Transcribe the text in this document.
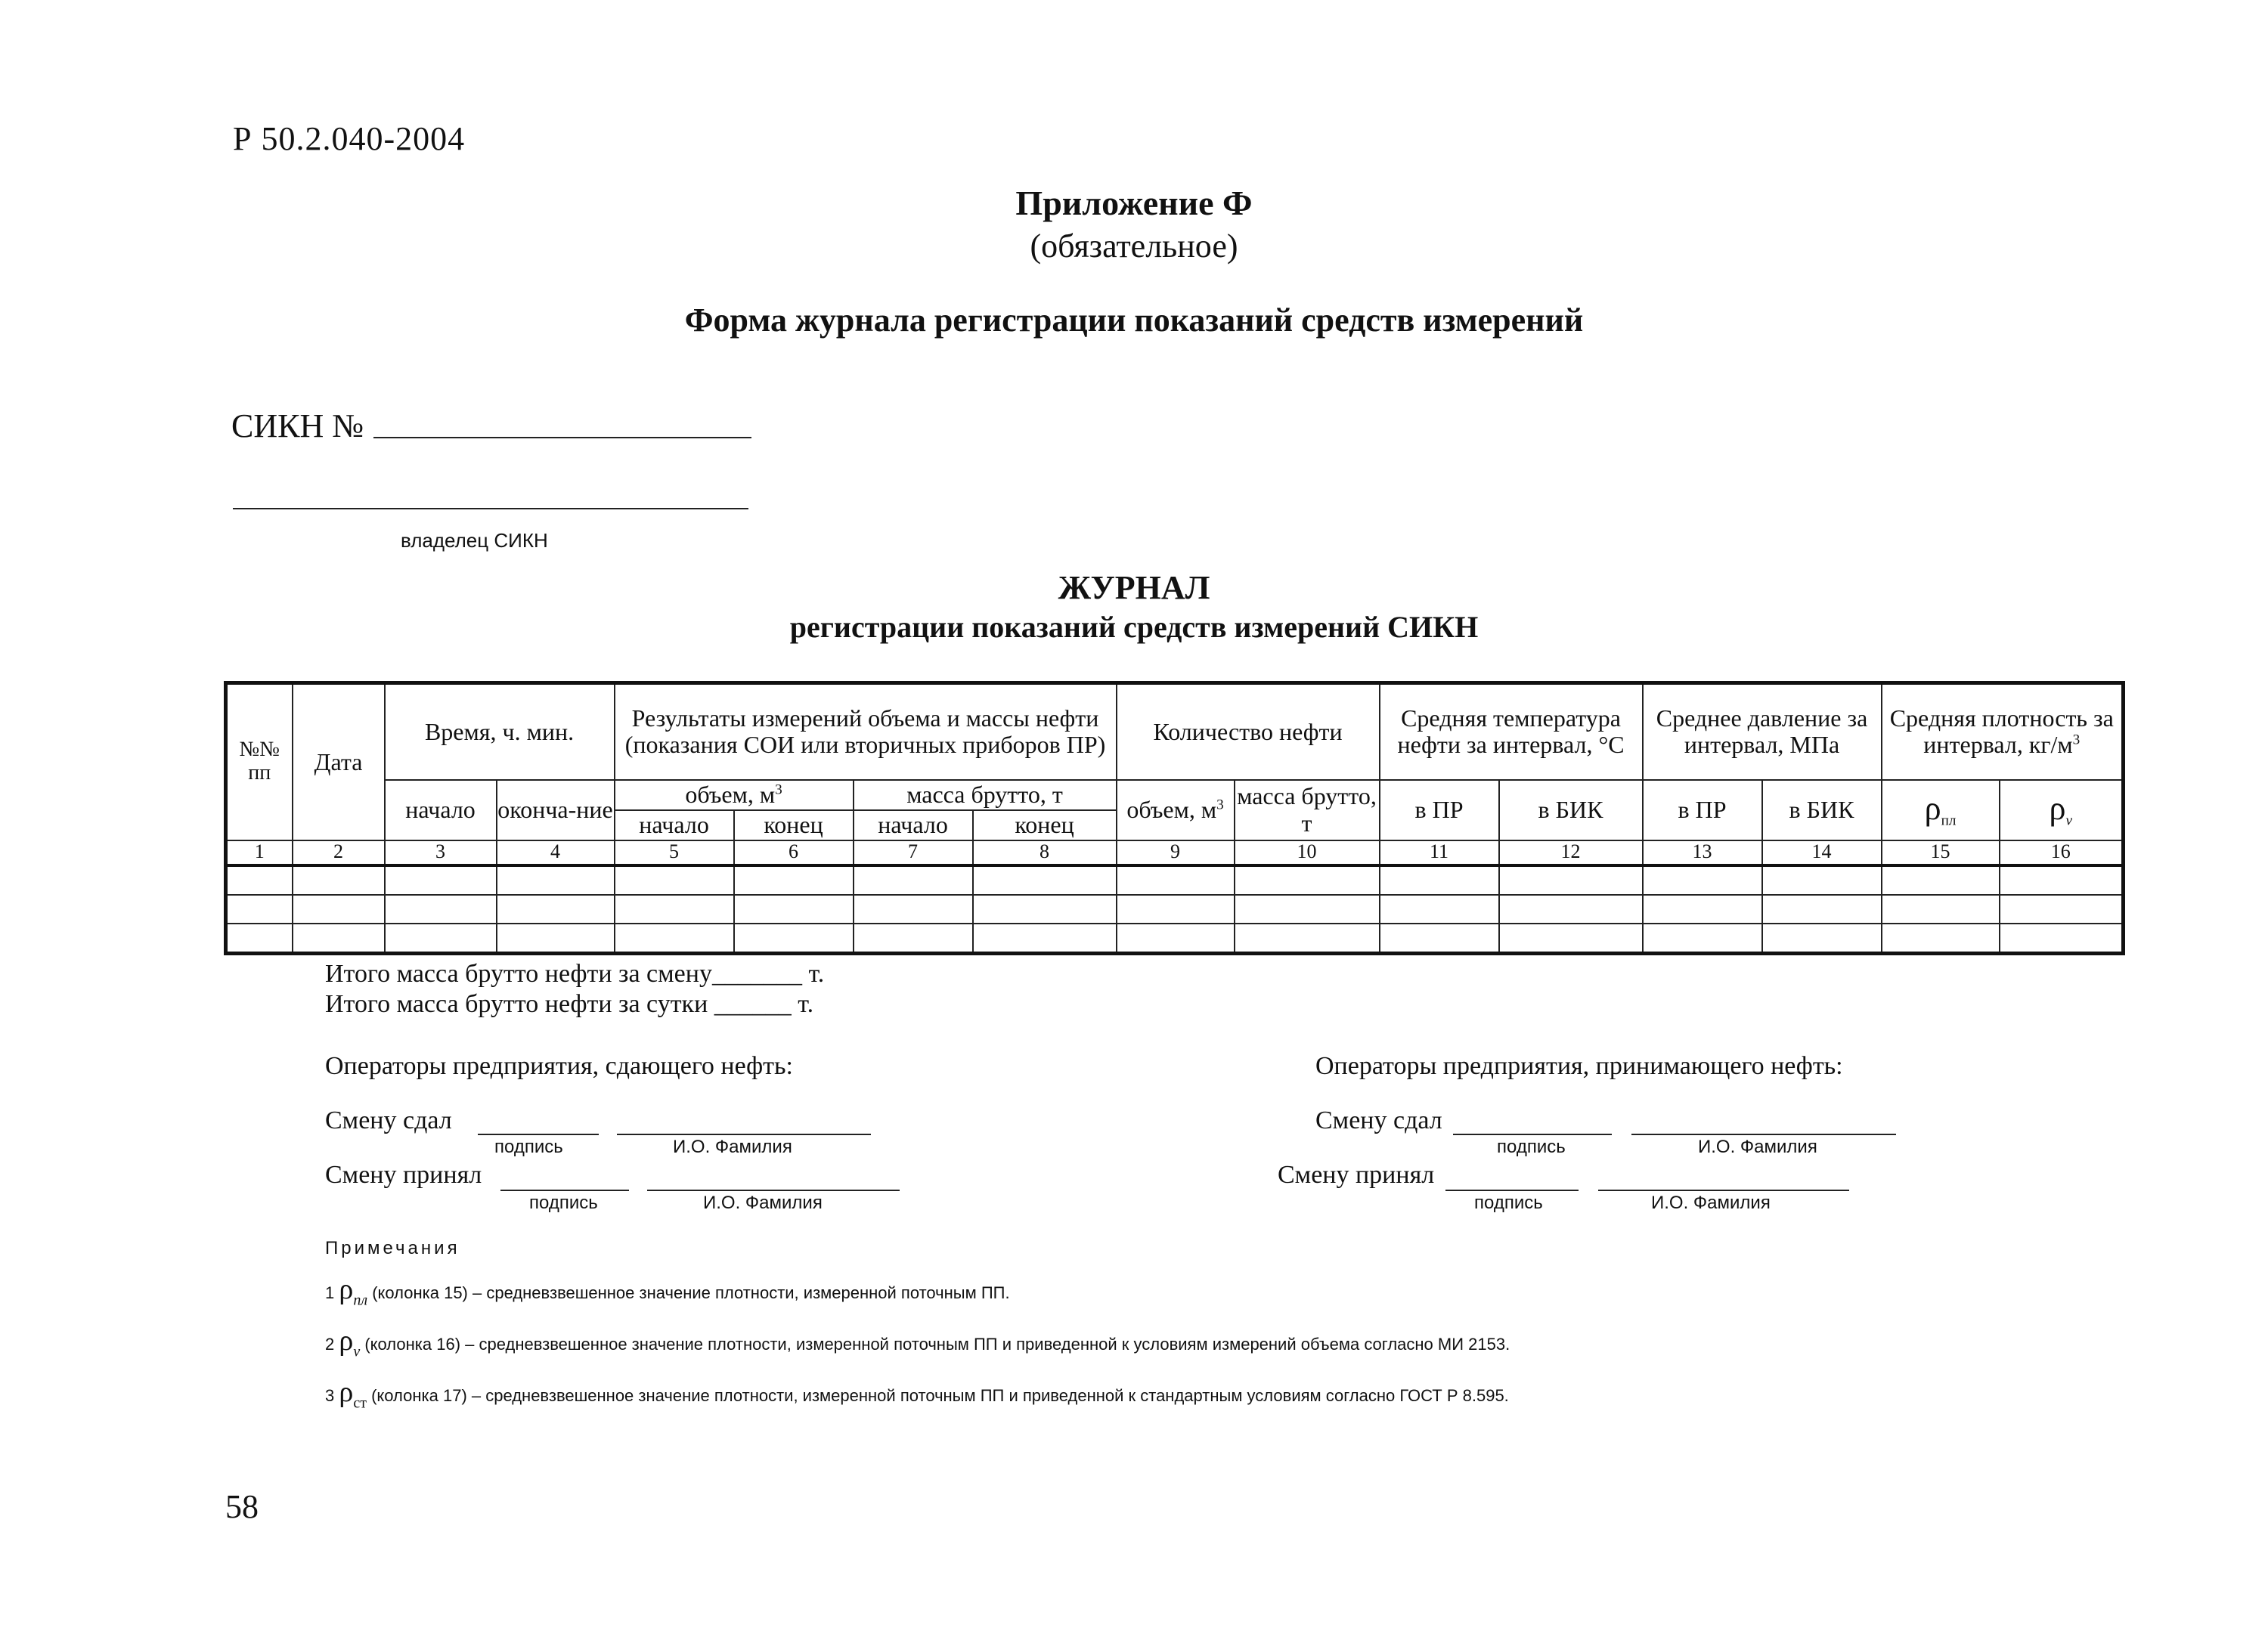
Р 50.2.040-2004
Приложение Ф
(обязательное)
Форма журнала регистрации показаний средств измерений
СИКН №
владелец СИКН
ЖУРНАЛ
регистрации показаний средств измерений СИКН
№№ пп	Дата	Время, ч. мин.		Результаты измерений объема и массы нефти (показания СОИ или вторичных приборов ПР)				Количество нефти		Средняя температура нефти за интервал, °С		Среднее давление за интервал, МПа		Средняя плотность за интервал, $кг/м^3$
		начало	оконча-ние	объем, $м^3$		масса брутто, т		объем, $м^3$	масса брутто, т	в ПР	в БИК	в ПР	в БИК	$\rho_{пл}$	$\rho_v$
				начало	конец	начало	конец								
1	2	3	4	5	6	7	8	9	10	11	12	13	14	15	16

Итого масса брутто нефти за смену_______ т.
Итого масса брутто нефти за сутки ______ т.
Операторы предприятия, сдающего нефть:	Операторы предприятия, принимающего нефть:
Смену сдал
подпись	И.О. Фамилия
Смену принял
подпись	И.О. Фамилия
Смену сдал
подпись	И.О. Фамилия
Смену принял
подпись	И.О. Фамилия
Примечания
1 $\rho_{пл}$ (колонка 15) – средневзвешенное значение плотности, измеренной поточным ПП.
2 $\rho_v$ (колонка 16) – средневзвешенное значение плотности, измеренной поточным ПП и приведенной к условиям измерений объема согласно МИ 2153.
3 $\rho_{ст}$ (колонка 17) – средневзвешенное значение плотности, измеренной поточным ПП и приведенной к стандартным условиям согласно ГОСТ Р 8.595.
58
